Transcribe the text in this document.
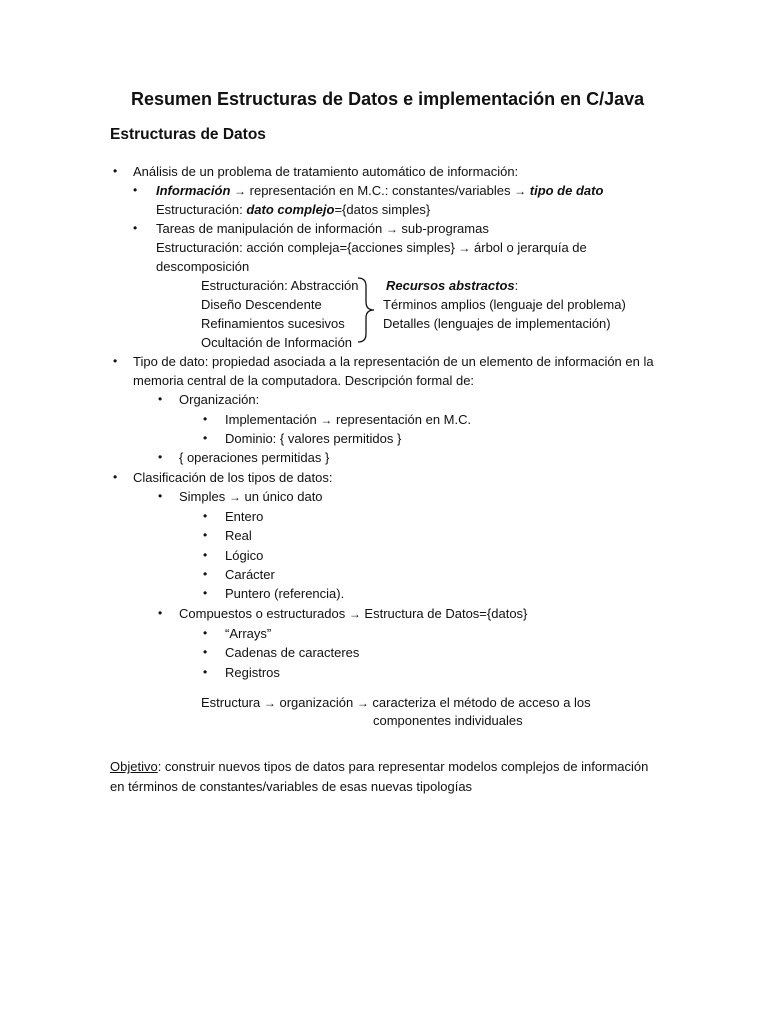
Resumen Estructuras de Datos e implementación en C/Java
Estructuras de Datos
• Análisis de un problema de tratamiento automático de información:
• Información → representación en M.C.: constantes/variables → tipo de dato
Estructuración: dato complejo={datos simples}
• Tareas de manipulación de información → sub-programas
Estructuración: acción compleja={acciones simples} → árbol o jerarquía de
descomposición
Estructuración: Abstracción
Diseño Descendente
Refinamientos sucesivos
Ocultación de Información
Recursos abstractos:
Términos amplios (lenguaje del problema)
Detalles (lenguajes de implementación)
• Tipo de dato: propiedad asociada a la representación de un elemento de información en la
memoria central de la computadora. Descripción formal de:
• Organización:
• Implementación → representación en M.C.
• Dominio: { valores permitidos }
• { operaciones permitidas }
• Clasificación de los tipos de datos:
• Simples → un único dato
• Entero
• Real
• Lógico
• Carácter
• Puntero (referencia).
• Compuestos o estructurados → Estructura de Datos={datos}
• “Arrays”
• Cadenas de caracteres
• Registros
Estructura → organización → caracteriza el método de acceso a los
componentes individuales
Objetivo: construir nuevos tipos de datos para representar modelos complejos de información
en términos de constantes/variables de esas nuevas tipologías
